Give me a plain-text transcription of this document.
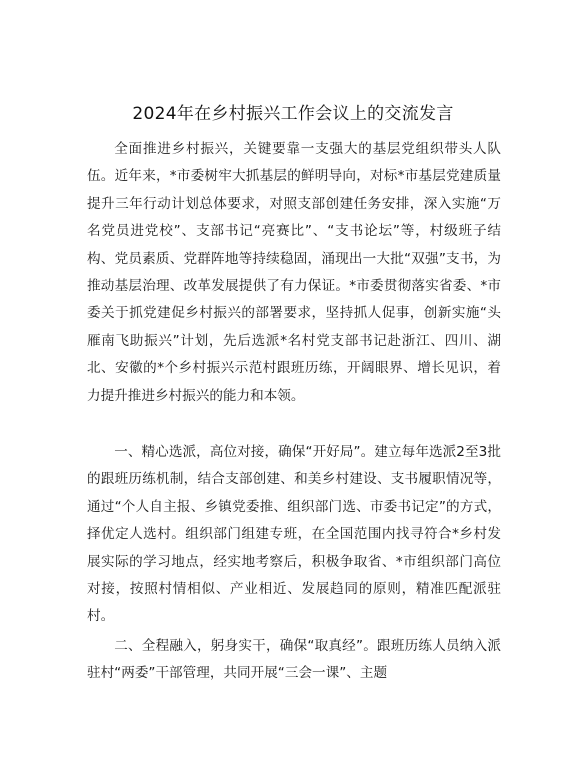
2024年在乡村振兴工作会议上的交流发言

全面推进乡村振兴，关键要靠一支强大的基层党组织带头人队伍。近年来，*市委树牢大抓基层的鲜明导向，对标*市基层党建质量提升三年行动计划总体要求，对照支部创建任务安排，深入实施“万名党员进党校”、支部书记“亮赛比”、“支书论坛”等，村级班子结构、党员素质、党群阵地等持续稳固，涌现出一大批“双强”支书，为推动基层治理、改革发展提供了有力保证。*市委贯彻落实省委、*市委关于抓党建促乡村振兴的部署要求，坚持抓人促事，创新实施“头雁南飞助振兴”计划，先后选派*名村党支部书记赴浙江、四川、湖北、安徽的*个乡村振兴示范村跟班历练，开阔眼界、增长见识，着力提升推进乡村振兴的能力和本领。

一、精心选派，高位对接，确保“开好局”。建立每年选派2至3批的跟班历练机制，结合支部创建、和美乡村建设、支书履职情况等，通过“个人自主报、乡镇党委推、组织部门选、市委书记定”的方式，择优定人选村。组织部门组建专班，在全国范围内找寻符合*乡村发展实际的学习地点，经实地考察后，积极争取省、*市组织部门高位对接，按照村情相似、产业相近、发展趋同的原则，精准匹配派驻村。

二、全程融入，躬身实干，确保“取真经”。跟班历练人员纳入派驻村“两委”干部管理，共同开展“三会一课”、主题
